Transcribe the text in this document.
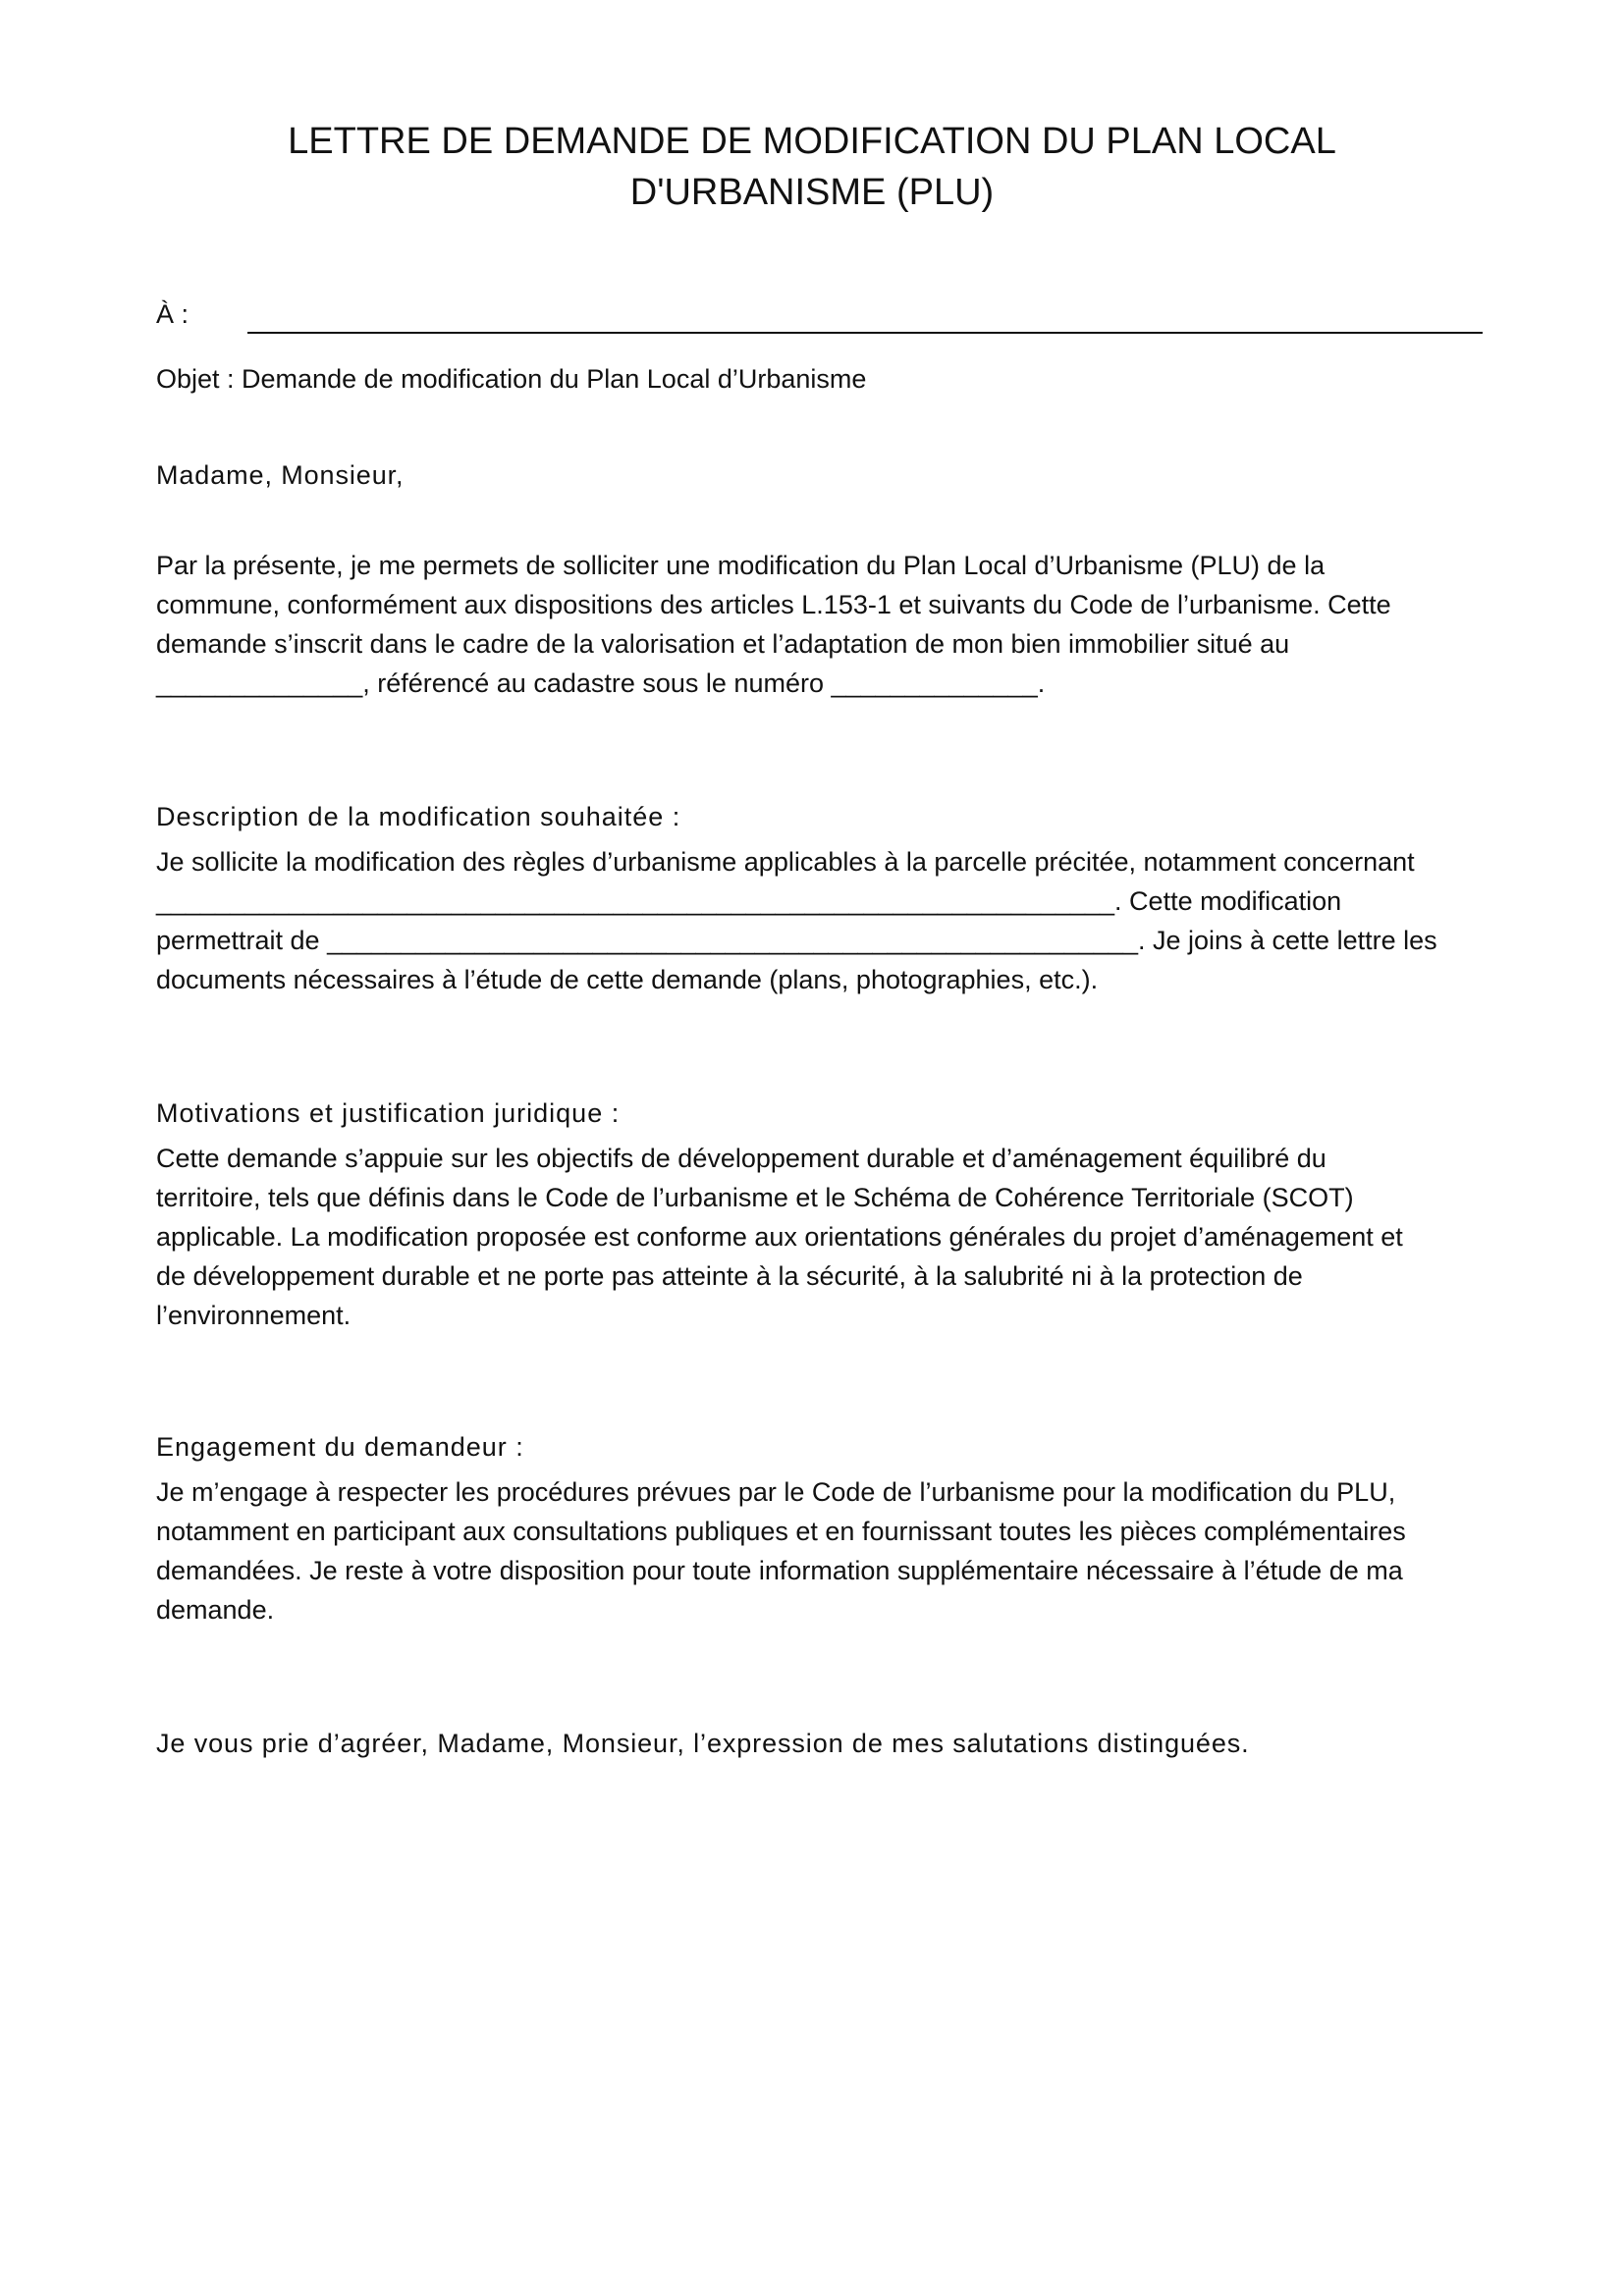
LETTRE DE DEMANDE DE MODIFICATION DU PLAN LOCAL
D'URBANISME (PLU)
À :

Objet : Demande de modification du Plan Local d’Urbanisme

Madame, Monsieur,

Par la présente, je me permets de solliciter une modification du Plan Local d’Urbanisme (PLU) de la
commune, conformément aux dispositions des articles L.153-1 et suivants du Code de l’urbanisme. Cette
demande s’inscrit dans le cadre de la valorisation et l’adaptation de mon bien immobilier situé au
______________, référencé au cadastre sous le numéro ______________.

Description de la modification souhaitée :

Je sollicite la modification des règles d’urbanisme applicables à la parcelle précitée, notamment concernant
_________________________________________________________________. Cette modification
permettrait de _______________________________________________________. Je joins à cette lettre les
documents nécessaires à l’étude de cette demande (plans, photographies, etc.).

Motivations et justification juridique :

Cette demande s’appuie sur les objectifs de développement durable et d’aménagement équilibré du
territoire, tels que définis dans le Code de l’urbanisme et le Schéma de Cohérence Territoriale (SCOT)
applicable. La modification proposée est conforme aux orientations générales du projet d’aménagement et
de développement durable et ne porte pas atteinte à la sécurité, à la salubrité ni à la protection de
l’environnement.

Engagement du demandeur :

Je m’engage à respecter les procédures prévues par le Code de l’urbanisme pour la modification du PLU,
notamment en participant aux consultations publiques et en fournissant toutes les pièces complémentaires
demandées. Je reste à votre disposition pour toute information supplémentaire nécessaire à l’étude de ma
demande.

Je vous prie d’agréer, Madame, Monsieur, l’expression de mes salutations distinguées.
